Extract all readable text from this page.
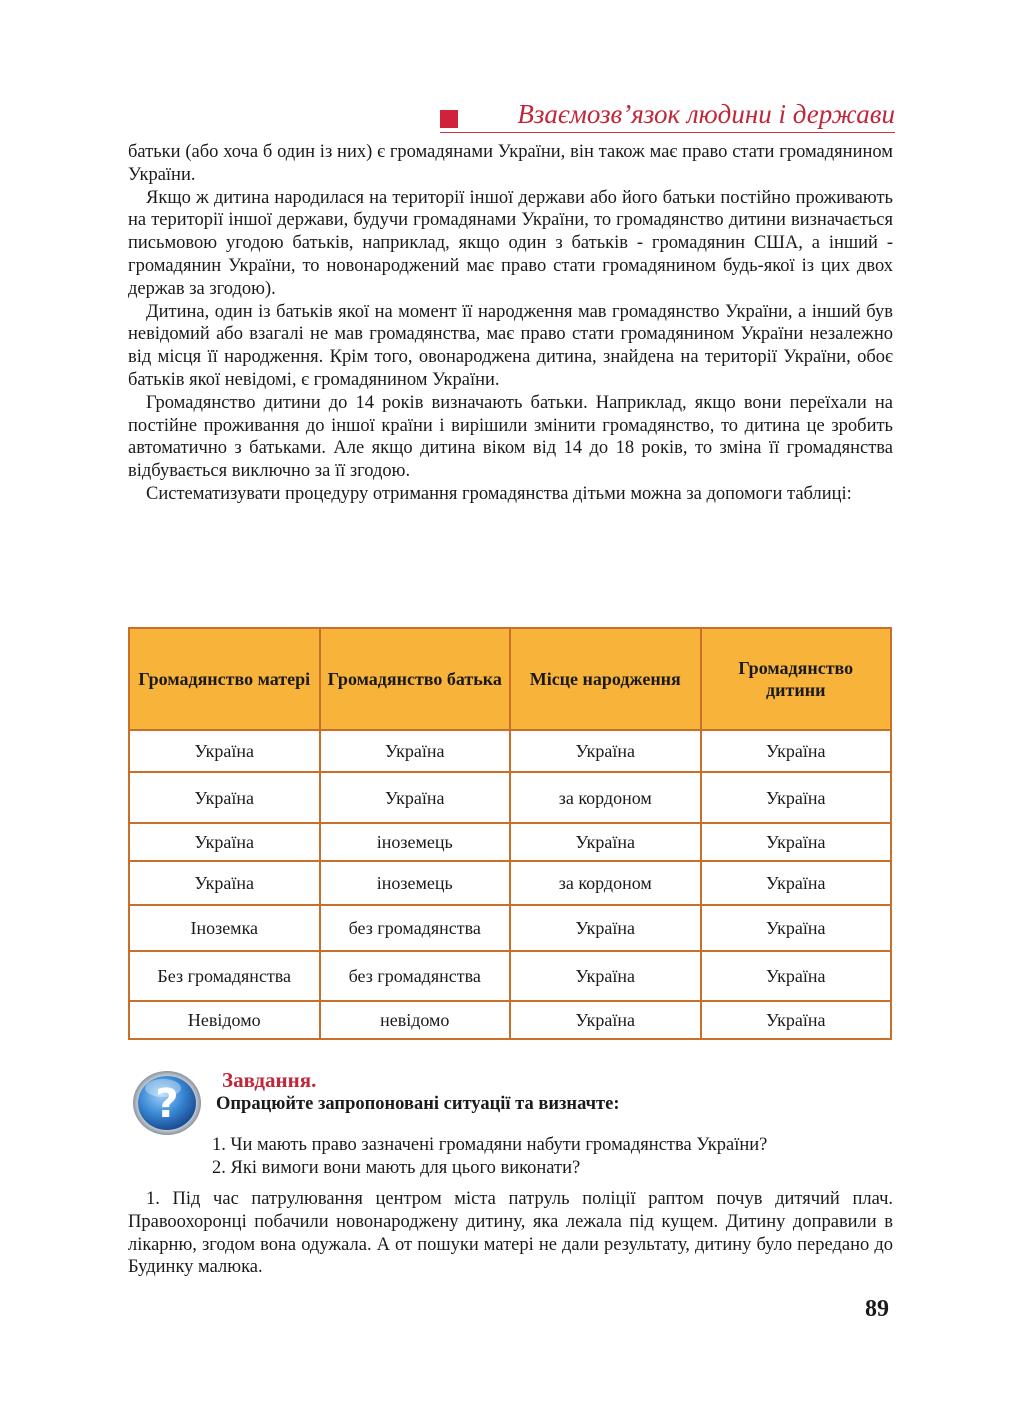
Взаємозв’язок людини і держави

батьки (або хоча б один із них) є громадянами України, він також має право стати громадянином України.

Якщо ж дитина народилася на території іншої держави або його батьки постійно проживають на території іншої держави, будучи громадянами України, то громадянство дитини визначається письмовою угодою батьків, наприклад, якщо один з батьків - громадянин США, а інший - громадянин України, то новонароджений має право стати громадянином будь-якої із цих двох держав за згодою).

Дитина, один із батьків якої на момент її народження мав громадянство України, а інший був невідомий або взагалі не мав громадянства, має право стати громадянином України незалежно від місця її народження. Крім того, овонароджена дитина, знайдена на території України, обоє батьків якої невідомі, є громадянином України.

Громадянство дитини до 14 років визначають батьки. Наприклад, якщо вони переїхали на постійне проживання до іншої країни і вирішили змінити громадянство, то дитина це зробить автоматично з батьками. Але якщо дитина віком від 14 до 18 років, то зміна її громадянства відбувається виключно за її згодою.

Систематизувати процедуру отримання громадянства дітьми можна за допомоги таблиці:

Громадянство матері	Громадянство батька	Місце народження	Громадянство дитини
Україна	Україна	Україна	Україна
Україна	Україна	за кордоном	Україна
Україна	іноземець	Україна	Україна
Україна	іноземець	за кордоном	Україна
Іноземка	без громадянства	Україна	Україна
Без громадянства	без громадянства	Україна	Україна
Невідомо	невідомо	Україна	Україна
?
Завдання.
Опрацюйте запропоновані ситуації та визначте:
1. Чи мають право зазначені громадяни набути громадянства України?
2. Які вимоги вони мають для цього виконати?

1. Під час патрулювання центром міста патруль поліції раптом почув дитячий плач. Правоохоронці побачили новонароджену дитину, яка лежала під кущем. Дитину доправили в лікарню, згодом вона одужала. А от пошуки матері не дали результату, дитину було передано до Будинку малюка.

89
